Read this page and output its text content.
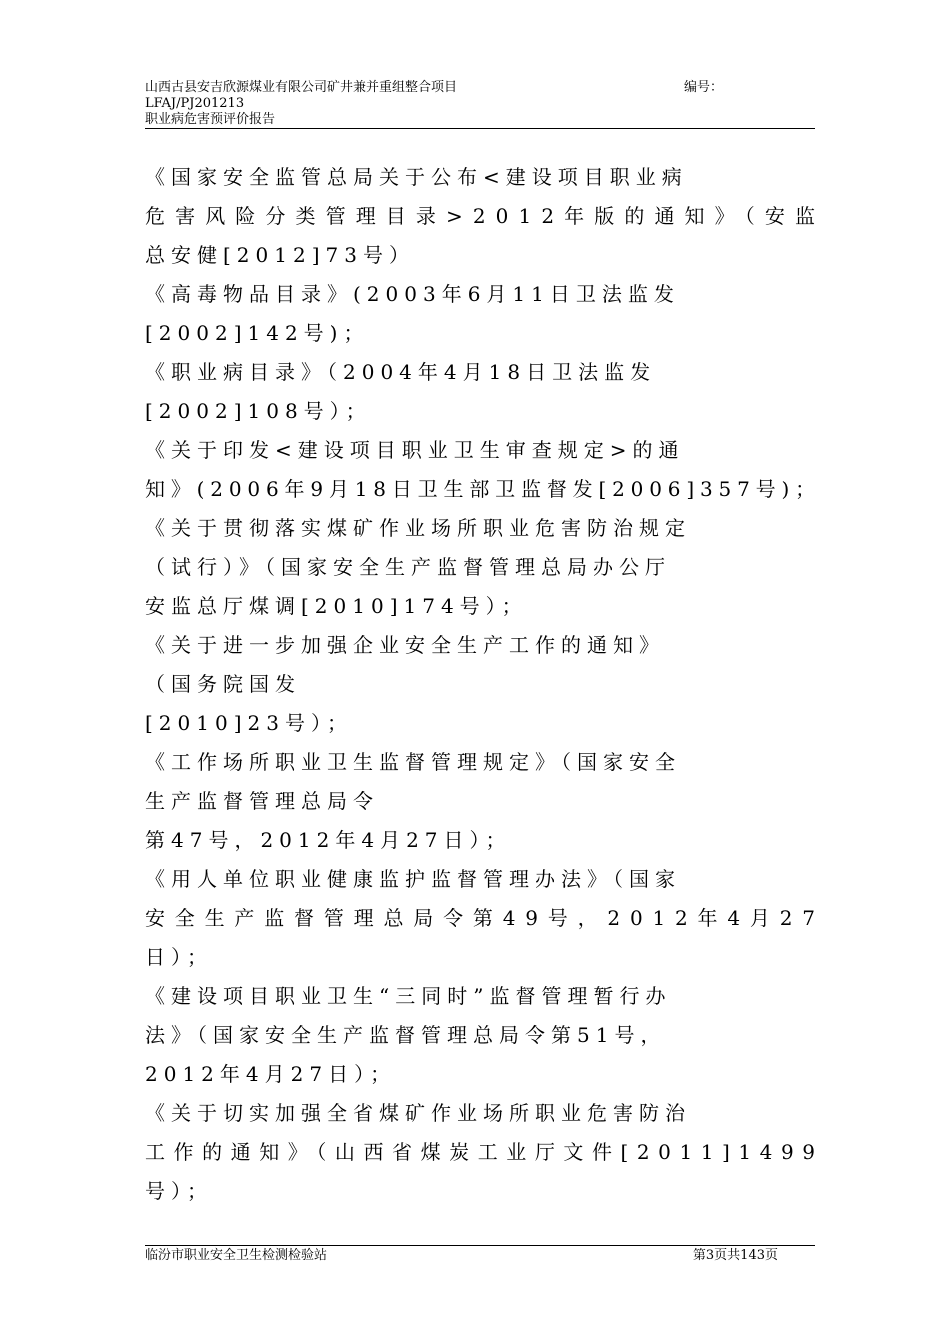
山西古县安吉欣源煤业有限公司矿井兼并重组整合项目	编号：
LFAJ/PJ201213
职业病危害预评价报告
《国家安全监管总局关于公布<建设项目职业病
危害风险分类管理目录>2012年版的通知》（安监
总安健[2012]73号）
《高毒物品目录》(2003年6月11日卫法监发
[2002]142号)；
《职业病目录》（2004年4月18日卫法监发
[2002]108号）；
《关于印发<建设项目职业卫生审查规定>的通
知》(2006年9月18日卫生部卫监督发[2006]357号)；
《关于贯彻落实煤矿作业场所职业危害防治规定
（试行）》（国家安全生产监督管理总局办公厅
安监总厅煤调[2010]174号）；
《关于进一步加强企业安全生产工作的通知》
（国务院国发
[2010]23号）；
《工作场所职业卫生监督管理规定》（国家安全
生产监督管理总局令
第47号，2012年4月27日）；
《用人单位职业健康监护监督管理办法》（国家
安全生产监督管理总局令第49号，2012年4月27
日）；
《建设项目职业卫生“三同时”监督管理暂行办
法》（国家安全生产监督管理总局令第51号，
2012年4月27日）；
《关于切实加强全省煤矿作业场所职业危害防治
工作的通知》（山西省煤炭工业厅文件[2011]1499
号）；
临汾市职业安全卫生检测检验站	第3页共143页
